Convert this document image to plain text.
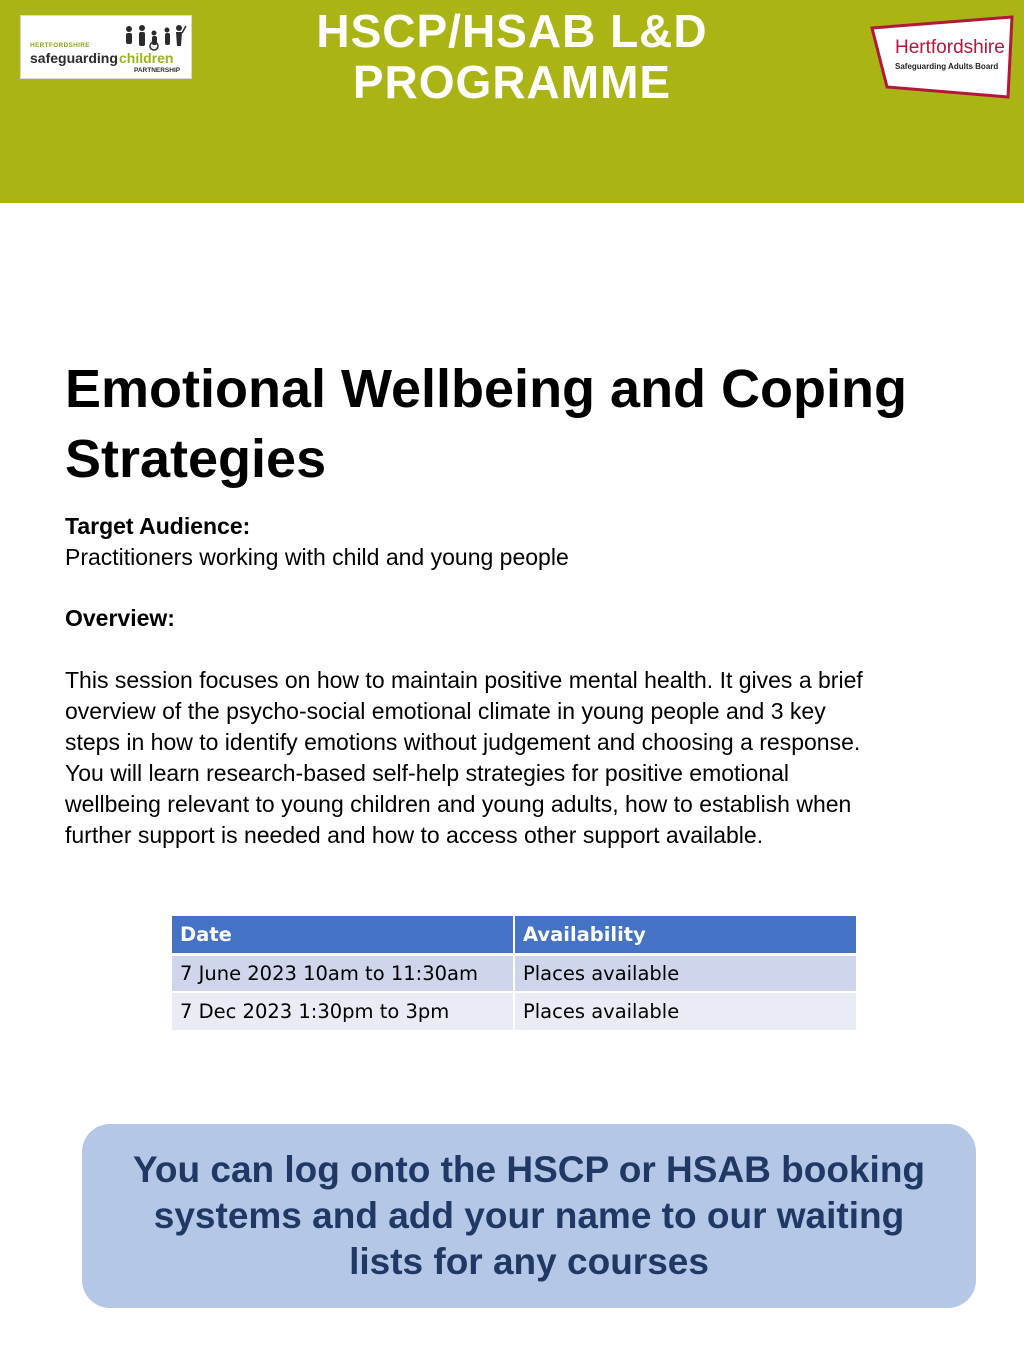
HSCP/HSAB L&D
PROGRAMME
HERTFORDSHIRE
safeguarding children
PARTNERSHIP
Hertfordshire
Safeguarding Adults Board
Emotional Wellbeing and Coping Strategies
Target Audience:
Practitioners working with child and young people
Overview:
This session focuses on how to maintain positive mental health. It gives a brief
overview of the psycho-social emotional climate in young people and 3 key
steps in how to identify emotions without judgement and choosing a response.
You will learn research-based self-help strategies for positive emotional
wellbeing relevant to young children and young adults, how to establish when
further support is needed and how to access other support available.
Date	Availability
7 June 2023 10am to 11:30am	Places available
7 Dec 2023 1:30pm to 3pm	Places available
You can log onto the HSCP or HSAB booking
systems and add your name to our waiting
lists for any courses
